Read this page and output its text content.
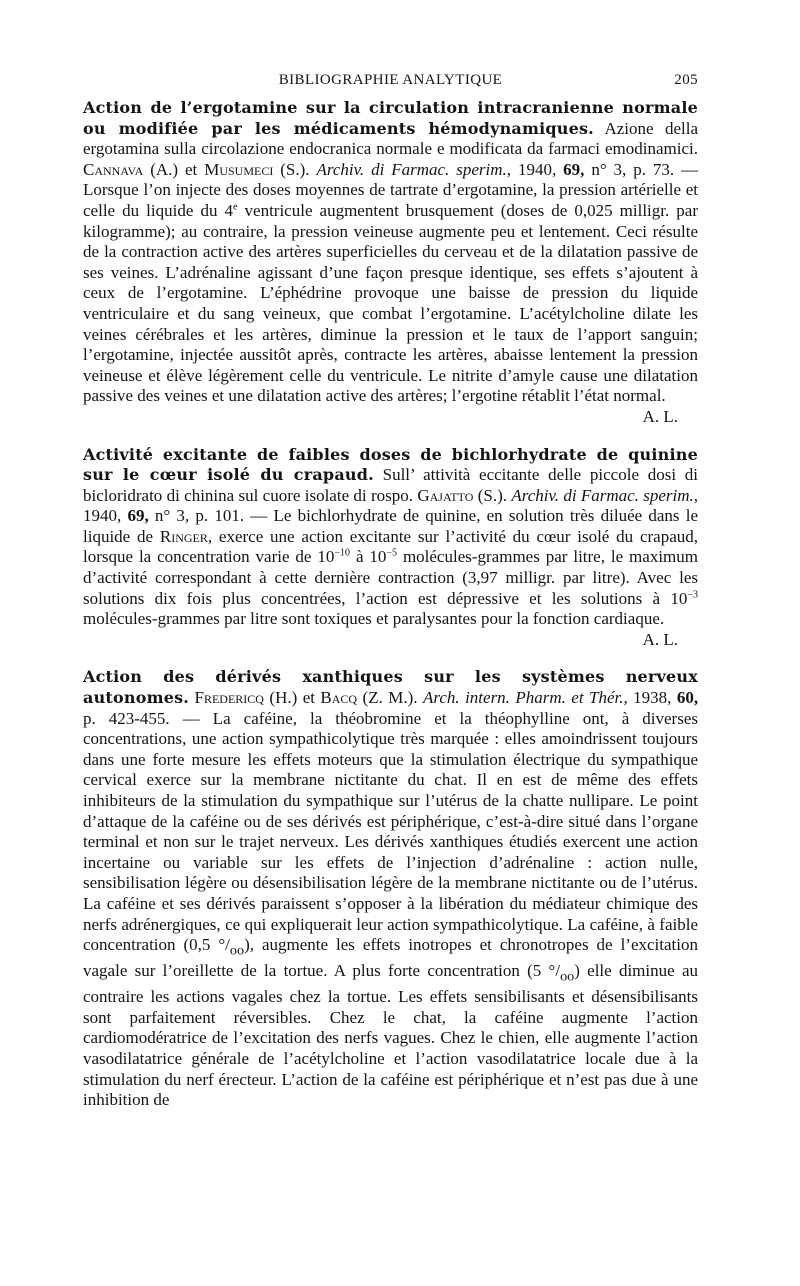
BIBLIOGRAPHIE ANALYTIQUE	205
Action de l’ergotamine sur la circulation intracranienne normale ou modifiée par les médicaments hémodynamiques. Azione della ergotamina sulla circolazione endocranica normale e modificata da farmaci emodinamici. Cannava (A.) et Musumeci (S.). Archiv. di Farmac. sperim., 1940, 69, n° 3, p. 73. — Lorsque l’on injecte des doses moyennes de tartrate d’ergotamine, la pression artérielle et celle du liquide du 4e ventricule augmentent brusquement (doses de 0,025 milligr. par kilogramme); au contraire, la pression veineuse augmente peu et lentement. Ceci résulte de la contraction active des artères superficielles du cerveau et de la dilatation passive de ses veines. L’adrénaline agissant d’une façon presque identique, ses effets s’ajoutent à ceux de l’ergotamine. L’éphédrine provoque une baisse de pression du liquide ventriculaire et du sang veineux, que combat l’ergotamine. L’acétylcholine dilate les veines cérébrales et les artères, diminue la pression et le taux de l’apport sanguin; l’ergotamine, injectée aussitôt après, contracte les artères, abaisse lentement la pression veineuse et élève légèrement celle du ventricule. Le nitrite d’amyle cause une dilatation passive des veines et une dilatation active des artères; l’ergotine rétablit l’état normal.
A. L.
Activité excitante de faibles doses de bichlorhydrate de quinine sur le cœur isolé du crapaud. Sull’ attività eccitante delle piccole dosi di bicloridrato di chinina sul cuore isolate di rospo. Gajatto (S.). Archiv. di Farmac. sperim., 1940, 69, n° 3, p. 101. — Le bichlorhydrate de quinine, en solution très diluée dans le liquide de Ringer, exerce une action excitante sur l’activité du cœur isolé du crapaud, lorsque la concentration varie de $10^{-10}$ à $10^{-5}$ molécules-grammes par litre, le maximum d’activité correspondant à cette dernière contraction (3,97 milligr. par litre). Avec les solutions dix fois plus concentrées, l’action est dépressive et les solutions à $10^{-3}$ molécules-grammes par litre sont toxiques et paralysantes pour la fonction cardiaque.
A. L.
Action des dérivés xanthiques sur les systèmes nerveux autonomes. Fredericq (H.) et Bacq (Z. M.). Arch. intern. Pharm. et Thér., 1938, 60, p. 423-455. — La caféine, la théobromine et la théophylline ont, à diverses concentrations, une action sympathicolytique très marquée : elles amoindrissent toujours dans une forte mesure les effets moteurs que la stimulation électrique du sympathique cervical exerce sur la membrane nictitante du chat. Il en est de même des effets inhibiteurs de la stimulation du sympathique sur l’utérus de la chatte nullipare. Le point d’attaque de la caféine ou de ses dérivés est périphérique, c’est-à-dire situé dans l’organe terminal et non sur le trajet nerveux. Les dérivés xanthiques étudiés exercent une action incertaine ou variable sur les effets de l’injection d’adrénaline : action nulle, sensibilisation légère ou désensibilisation légère de la membrane nictitante ou de l’utérus. La caféine et ses dérivés paraissent s’opposer à la libération du médiateur chimique des nerfs adrénergiques, ce qui expliquerait leur action sympathicolytique. La caféine, à faible concentration (0,5 $^\circ/_{oo}$), augmente les effets inotropes et chronotropes de l’excitation vagale sur l’oreillette de la tortue. A plus forte concentration (5 $^\circ/_{oo}$) elle diminue au contraire les actions vagales chez la tortue. Les effets sensibilisants et désensibilisants sont parfaitement réversibles. Chez le chat, la caféine augmente l’action cardiomodératrice de l’excitation des nerfs vagues. Chez le chien, elle augmente l’action vasodilatatrice générale de l’acétylcholine et l’action vasodilatatrice locale due à la stimulation du nerf érecteur. L’action de la caféine est périphérique et n’est pas due à une inhibition de
